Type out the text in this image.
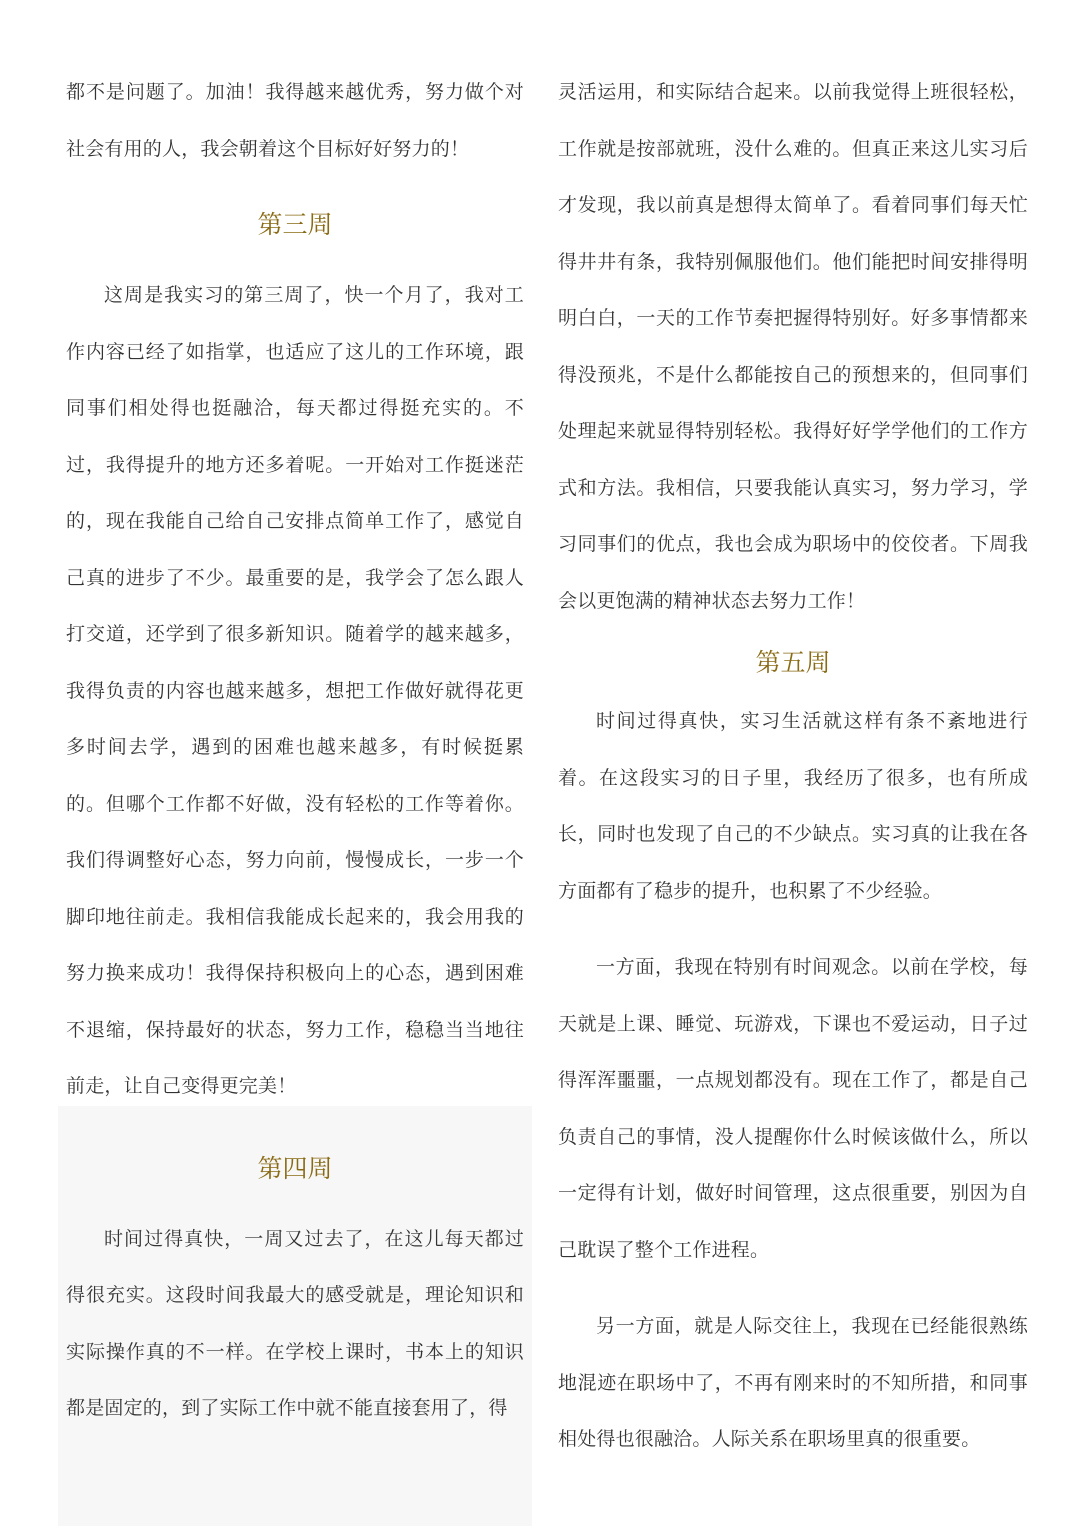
都不是问题了。加油！我得越来越优秀，努力做个对社会有用的人，我会朝着这个目标好好努力的！

第三周

这周是我实习的第三周了，快一个月了，我对工作内容已经了如指掌，也适应了这儿的工作环境，跟同事们相处得也挺融洽，每天都过得挺充实的。不过，我得提升的地方还多着呢。一开始对工作挺迷茫的，现在我能自己给自己安排点简单工作了，感觉自己真的进步了不少。最重要的是，我学会了怎么跟人打交道，还学到了很多新知识。随着学的越来越多，我得负责的内容也越来越多，想把工作做好就得花更多时间去学，遇到的困难也越来越多，有时候挺累的。但哪个工作都不好做，没有轻松的工作等着你。我们得调整好心态，努力向前，慢慢成长，一步一个脚印地往前走。我相信我能成长起来的，我会用我的努力换来成功！我得保持积极向上的心态，遇到困难不退缩，保持最好的状态，努力工作，稳稳当当地往前走，让自己变得更完美！

第四周

时间过得真快，一周又过去了，在这儿每天都过得很充实。这段时间我最大的感受就是，理论知识和实际操作真的不一样。在学校上课时，书本上的知识都是固定的，到了实际工作中就不能直接套用了，得

灵活运用，和实际结合起来。以前我觉得上班很轻松，工作就是按部就班，没什么难的。但真正来这儿实习后才发现，我以前真是想得太简单了。看着同事们每天忙得井井有条，我特别佩服他们。他们能把时间安排得明明白白，一天的工作节奏把握得特别好。好多事情都来得没预兆，不是什么都能按自己的预想来的，但同事们处理起来就显得特别轻松。我得好好学学他们的工作方式和方法。我相信，只要我能认真实习，努力学习，学习同事们的优点，我也会成为职场中的佼佼者。下周我会以更饱满的精神状态去努力工作！

第五周

时间过得真快，实习生活就这样有条不紊地进行着。在这段实习的日子里，我经历了很多，也有所成长，同时也发现了自己的不少缺点。实习真的让我在各方面都有了稳步的提升，也积累了不少经验。

一方面，我现在特别有时间观念。以前在学校，每天就是上课、睡觉、玩游戏，下课也不爱运动，日子过得浑浑噩噩，一点规划都没有。现在工作了，都是自己负责自己的事情，没人提醒你什么时候该做什么，所以一定得有计划，做好时间管理，这点很重要，别因为自己耽误了整个工作进程。

另一方面，就是人际交往上，我现在已经能很熟练地混迹在职场中了，不再有刚来时的不知所措，和同事相处得也很融洽。人际关系在职场里真的很重要。
